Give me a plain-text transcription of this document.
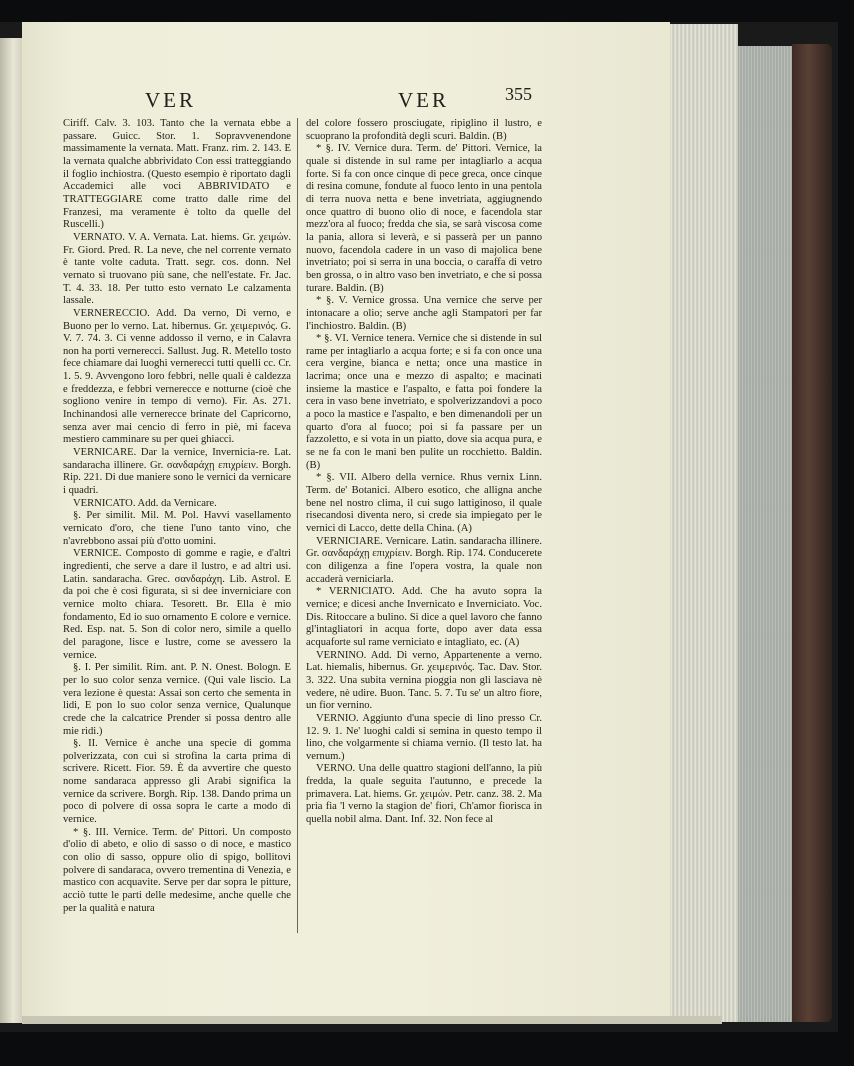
VER	VER	355

Ciriff. Calv. 3. 103. Tanto che la vernata ebbe a passare. Guicc. Stor. 1. Sopravvenendone massimamente la vernata. Matt. Franz. rim. 2. 143. E la vernata qualche abbrividato Con essi tratteggiando il foglio inchiostra. (Questo esempio è riportato dagli Accademici alle voci ABBRIVIDATO e TRATTEGGIARE come tratto dalle rime del Franzesi, ma veramente è tolto da quelle del Ruscelli.)

VERNATO. V. A. Vernata. Lat. hiems. Gr. χειμών. Fr. Giord. Pred. R. La neve, che nel corrente vernato è tante volte caduta. Tratt. segr. cos. donn. Nel vernato si truovano più sane, che nell'estate. Fr. Jac. T. 4. 33. 18. Per tutto esto vernato Le calzamenta lassale.

VERNERECCIO. Add. Da verno, Di verno, e Buono per lo verno. Lat. hibernus. Gr. χειμερινός. G. V. 7. 74. 3. Ci venne addosso il verno, e in Calavra non ha porti vernerecci. Sallust. Jug. R. Metello tosto fece chiamare dai luoghi vernerecci tutti quelli cc. Cr. 1. 5. 9. Avvengono loro febbri, nelle quali è caldezza e freddezza, e febbri vernerecce e notturne (cioè che sogliono venire in tempo di verno). Fir. As. 271. Inchinandosi alle vernerecce brinate del Capricorno, senza aver mai cencio di ferro in piè, mi faceva mestiero camminare su per quei ghiacci.

VERNICARE. Dar la vernice, Invernicia-re. Lat. sandaracha illinere. Gr. σανδαράχῃ επιχρίειν. Borgh. Rip. 221. Di due maniere sono le vernici da vernicare i quadri.

VERNICATO. Add. da Vernicare.

§. Per similit. Mil. M. Pol. Havvi vasellamento vernicato d'oro, che tiene l'uno tanto vino, che n'avrebbono assai più d'otto uomini.

VERNICE. Composto di gomme e ragie, e d'altri ingredienti, che serve a dare il lustro, e ad altri usi. Latin. sandaracha. Grec. σανδαράχη. Lib. Astrol. E da poi che è così figurata, sì si dee inverniciare con vernice molto chiara. Tesorett. Br. Ella è mio fondamento, Ed io suo ornamento E colore e vernice. Red. Esp. nat. 5. Son di color nero, simile a quello del paragone, lisce e lustre, come se avessero la vernice.

§. I. Per similit. Rim. ant. P. N. Onest. Bologn. E per lo suo color senza vernice. (Qui vale liscio. La vera lezione è questa: Assai son certo che sementa in lidi, E pon lo suo color senza vernice, Qualunque crede che la calcatrice Prender si possa dentro alle mie ridi.)

§. II. Vernice è anche una specie di gomma polverizzata, con cui si strofina la carta prima di scrivere. Ricett. Fior. 59. È da avvertire che questo nome sandaraca appresso gli Arabi significa la vernice da scrivere. Borgh. Rip. 138. Dando prima un poco di polvere di ossa sopra le carte a modo di vernice.

* §. III. Vernice. Term. de' Pittori. Un composto d'olio di abeto, e olio di sasso o di noce, e mastico con olio di sasso, oppure olio di spigo, bollitovi polvere di sandaraca, ovvero trementina di Venezia, e mastico con acquavite. Serve per dar sopra le pitture, acciò tutte le parti delle medesime, anche quelle che per la qualità e natura

del colore fossero prosciugate, ripiglino il lustro, e scuoprano la profondità degli scuri. Baldin. (B)

* §. IV. Vernice dura. Term. de' Pittori. Vernice, la quale si distende in sul rame per intagliarlo a acqua forte. Si fa con once cinque di pece greca, once cinque di resina comune, fondute al fuoco lento in una pentola di terra nuova netta e bene invetriata, aggiugnendo once quattro di buono olio di noce, e facendola star mezz'ora al fuoco; fredda che sia, se sarà viscosa come la pania, allora si leverà, e si passerà per un panno nuovo, facendola cadere in un vaso di majolica bene invetriato; poi si serra in una boccia, o caraffa di vetro ben grossa, o in altro vaso ben invetriato, e che si possa turare. Baldin. (B)

* §. V. Vernice grossa. Una vernice che serve per intonacare a olio; serve anche agli Stampatori per far l'inchiostro. Baldin. (B)

* §. VI. Vernice tenera. Vernice che si distende in sul rame per intagliarlo a acqua forte; e si fa con once una cera vergine, bianca e netta; once una mastice in lacrima; once una e mezzo di aspalto; e macinati insieme la mastice e l'aspalto, e fatta poi fondere la cera in vaso bene invetriato, e spolverizzandovi a poco a poco la mastice e l'aspalto, e ben dimenandoli per un quarto d'ora al fuoco; poi si fa passare per un fazzoletto, e si vota in un piatto, dove sia acqua pura, e se ne fa con le mani ben pulite un rocchietto. Baldin. (B)

* §. VII. Albero della vernice. Rhus vernix Linn. Term. de' Botanici. Albero esotico, che alligna anche bene nel nostro clima, il cui sugo lattiginoso, il quale risecandosi diventa nero, si crede sia impiegato per le vernici di Lacco, dette della China. (A)

VERNICIARE. Vernicare. Latin. sandaracha illinere. Gr. σανδαράχῃ επιχρίειν. Borgh. Rip. 174. Conducerete con diligenza a fine l'opera vostra, la quale non accaderà verniciarla.

* VERNICIATO. Add. Che ha avuto sopra la vernice; e dicesi anche Invernicato e Inverniciato. Voc. Dis. Ritoccare a bulino. Si dice a quel lavoro che fanno gl'intagliatori in acqua forte, dopo aver data essa acquaforte sul rame verniciato e intagliato, ec. (A)

VERNINO. Add. Di verno, Appartenente a verno. Lat. hiemalis, hibernus. Gr. χειμερινός. Tac. Dav. Stor. 3. 322. Una subita vernina pioggia non gli lasciava nè vedere, nè udire. Buon. Tanc. 5. 7. Tu se' un altro fiore, un fior vernino.

VERNIO. Aggiunto d'una specie di lino presso Cr. 12. 9. 1. Ne' luoghi caldi si semina in questo tempo il lino, che volgarmente si chiama vernio. (Il testo lat. ha vernum.)

VERNO. Una delle quattro stagioni dell'anno, la più fredda, la quale seguita l'autunno, e precede la primavera. Lat. hiems. Gr. χειμών. Petr. canz. 38. 2. Ma pria fia 'l verno la stagion de' fiori, Ch'amor fiorisca in quella nobil alma. Dant. Inf. 32. Non fece al
